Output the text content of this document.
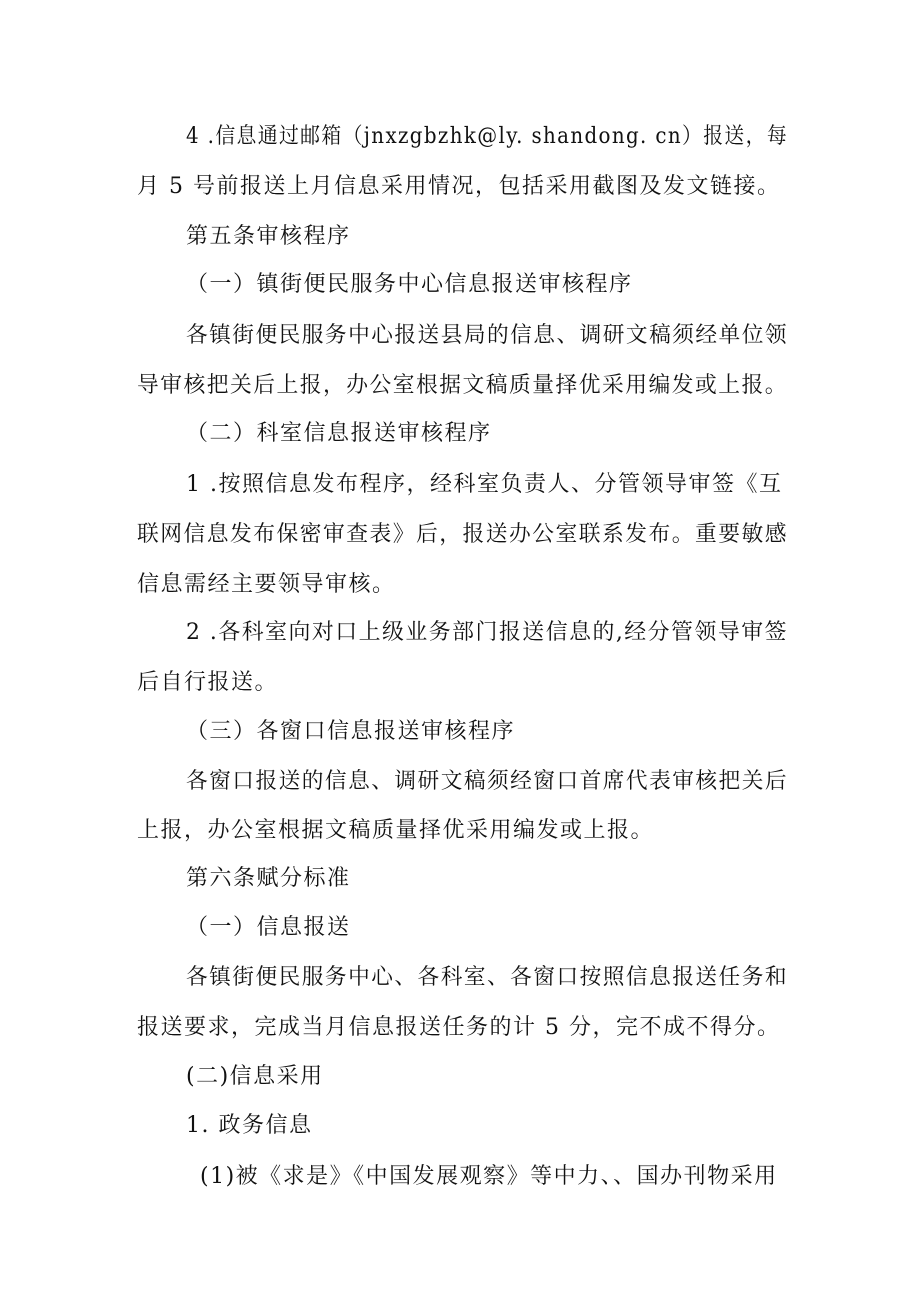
4 .信息通过邮箱（jnxzgbzhk@ly. shandong. cn）报送，每
月 5 号前报送上月信息采用情况，包括采用截图及发文链接。
第五条审核程序
（一）镇街便民服务中心信息报送审核程序
各镇街便民服务中心报送县局的信息、调研文稿须经单位领
导审核把关后上报，办公室根据文稿质量择优采用编发或上报。
（二）科室信息报送审核程序
1 .按照信息发布程序，经科室负责人、分管领导审签《互
联网信息发布保密审查表》后，报送办公室联系发布。重要敏感
信息需经主要领导审核。
2 .各科室向对口上级业务部门报送信息的,经分管领导审签
后自行报送。
（三）各窗口信息报送审核程序
各窗口报送的信息、调研文稿须经窗口首席代表审核把关后
上报，办公室根据文稿质量择优采用编发或上报。
第六条赋分标准
（一）信息报送
各镇街便民服务中心、各科室、各窗口按照信息报送任务和
报送要求，完成当月信息报送任务的计 5 分，完不成不得分。
(二)信息采用
1. 政务信息
(1)被《求是》《中国发展观察》等中力、、国办刊物采用
